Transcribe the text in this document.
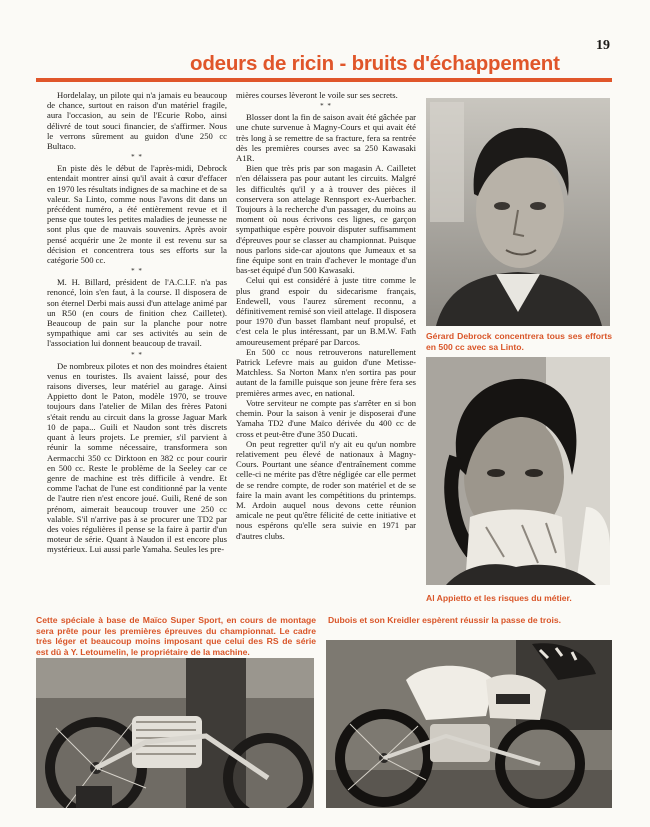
19
odeurs de ricin - bruits d'échappement

Hordelalay, un pilote qui n'a jamais eu beaucoup de chance, surtout en raison d'un matériel fragile, aura l'occasion, au sein de l'Ecurie Robo, ainsi délivré de tout souci financier, de s'affirmer. Nous le verrons sûrement au guidon d'une 250 cc Bultaco.

* *

En piste dès le début de l'après-midi, Debrock entendait montrer ainsi qu'il avait à cœur d'effacer en 1970 les résultats indignes de sa machine et de sa valeur. Sa Linto, comme nous l'avons dit dans un précédent numéro, a été entièrement revue et il pense que toutes les petites maladies de jeunesse ne sont plus que de mauvais souvenirs. Après avoir pensé acquérir une 2e monte il est revenu sur sa décision et concentrera tous ses efforts sur la catégorie 500 cc.

* *

M. H. Billard, président de l'A.C.I.F. n'a pas renoncé, loin s'en faut, à la course. Il disposera de son éternel Derbi mais aussi d'un attelage animé par un R50 (en cours de finition chez Cailletet). Beaucoup de pain sur la planche pour notre sympathique ami car ses activités au sein de l'association lui donnent beaucoup de travail.

* *

De nombreux pilotes et non des moindres étaient venus en touristes. Ils avaient laissé, pour des raisons diverses, leur matériel au garage. Ainsi Appietto dont le Paton, modèle 1970, se trouve toujours dans l'atelier de Milan des frères Patoni s'était rendu au circuit dans la grosse Jaguar Mark 10 de papa... Guili et Naudon sont très discrets quant à leurs projets. Le premier, s'il parvient à réunir la somme nécessaire, transformera son Aermacchi 350 cc Dirktoon en 382 cc pour courir en 500 cc. Reste le problème de la Seeley car ce genre de machine est très difficile à vendre. Et comme l'achat de l'une est conditionné par la vente de l'autre rien n'est encore joué. Guili, René de son prénom, aimerait beaucoup trouver une 250 cc valable. S'il n'arrive pas à se procurer une TD2 par des voies régulières il pense se la faire à partir d'un moteur de série. Quant à Naudon il est encore plus mystérieux. Lui aussi parle Yamaha. Seules les pre-

mières courses lèveront le voile sur ses secrets.

* *

Blosser dont la fin de saison avait été gâchée par une chute survenue à Magny-Cours et qui avait été très long à se remettre de sa fracture, fera sa rentrée dès les premières courses avec sa 250 Kawasaki A1R.

Bien que très pris par son magasin A. Cailletet n'en délaissera pas pour autant les circuits. Malgré les difficultés qu'il y a à trouver des pièces il conservera son attelage Rennsport ex-Auerbacher. Toujours à la recherche d'un passager, du moins au moment où nous écrivons ces lignes, ce garçon sympathique espère pouvoir disputer suffisamment d'épreuves pour se classer au championnat. Puisque nous parlons side-car ajoutons que Jumeaux et sa fine équipe sont en train d'achever le montage d'un bas-set équipé d'un 500 Kawasaki.

Celui qui est considéré à juste titre comme le plus grand espoir du sidecarisme français, Endewell, vous l'aurez sûrement reconnu, a définitivement remisé son vieil attelage. Il disposera pour 1970 d'un basset flambant neuf propulsé, et c'est cela le plus intéressant, par un B.M.W. Fath amoureusement préparé par Darcos.

En 500 cc nous retrouverons naturellement Patrick Lefevre mais au guidon d'une Metisse-Matchless. Sa Norton Manx n'en sortira pas pour autant de la famille puisque son jeune frère fera ses premières armes avec, en national.

Votre serviteur ne compte pas s'arrêter en si bon chemin. Pour la saison à venir je disposerai d'une Yamaha TD2 d'une Maïco dérivée du 400 cc de cross et peut-être d'une 350 Ducati.

On peut regretter qu'il n'y ait eu qu'un nombre relativement peu élevé de nationaux à Magny-Cours. Pourtant une séance d'entraînement comme celle-ci ne mérite pas d'être négligée car elle permet de se rendre compte, de roder son matériel et de se faire la main avant les compétitions du printemps. M. Ardoin auquel nous devons cette réunion amicale ne peut qu'être félicité de cette initiative et nous espérons qu'elle sera suivie en 1971 par d'autres clubs.

Gérard Debrock concentrera tous ses efforts en 500 cc avec sa Linto.
Al Appietto et les risques du métier.
Cette spéciale à base de Maïco Super Sport, en cours de montage sera prête pour les premières épreuves du championnat. Le cadre très léger et beaucoup moins imposant que celui des RS de série est dû à Y. Letoumelin, le propriétaire de la machine.
Dubois et son Kreidler espèrent réussir la passe de trois.
